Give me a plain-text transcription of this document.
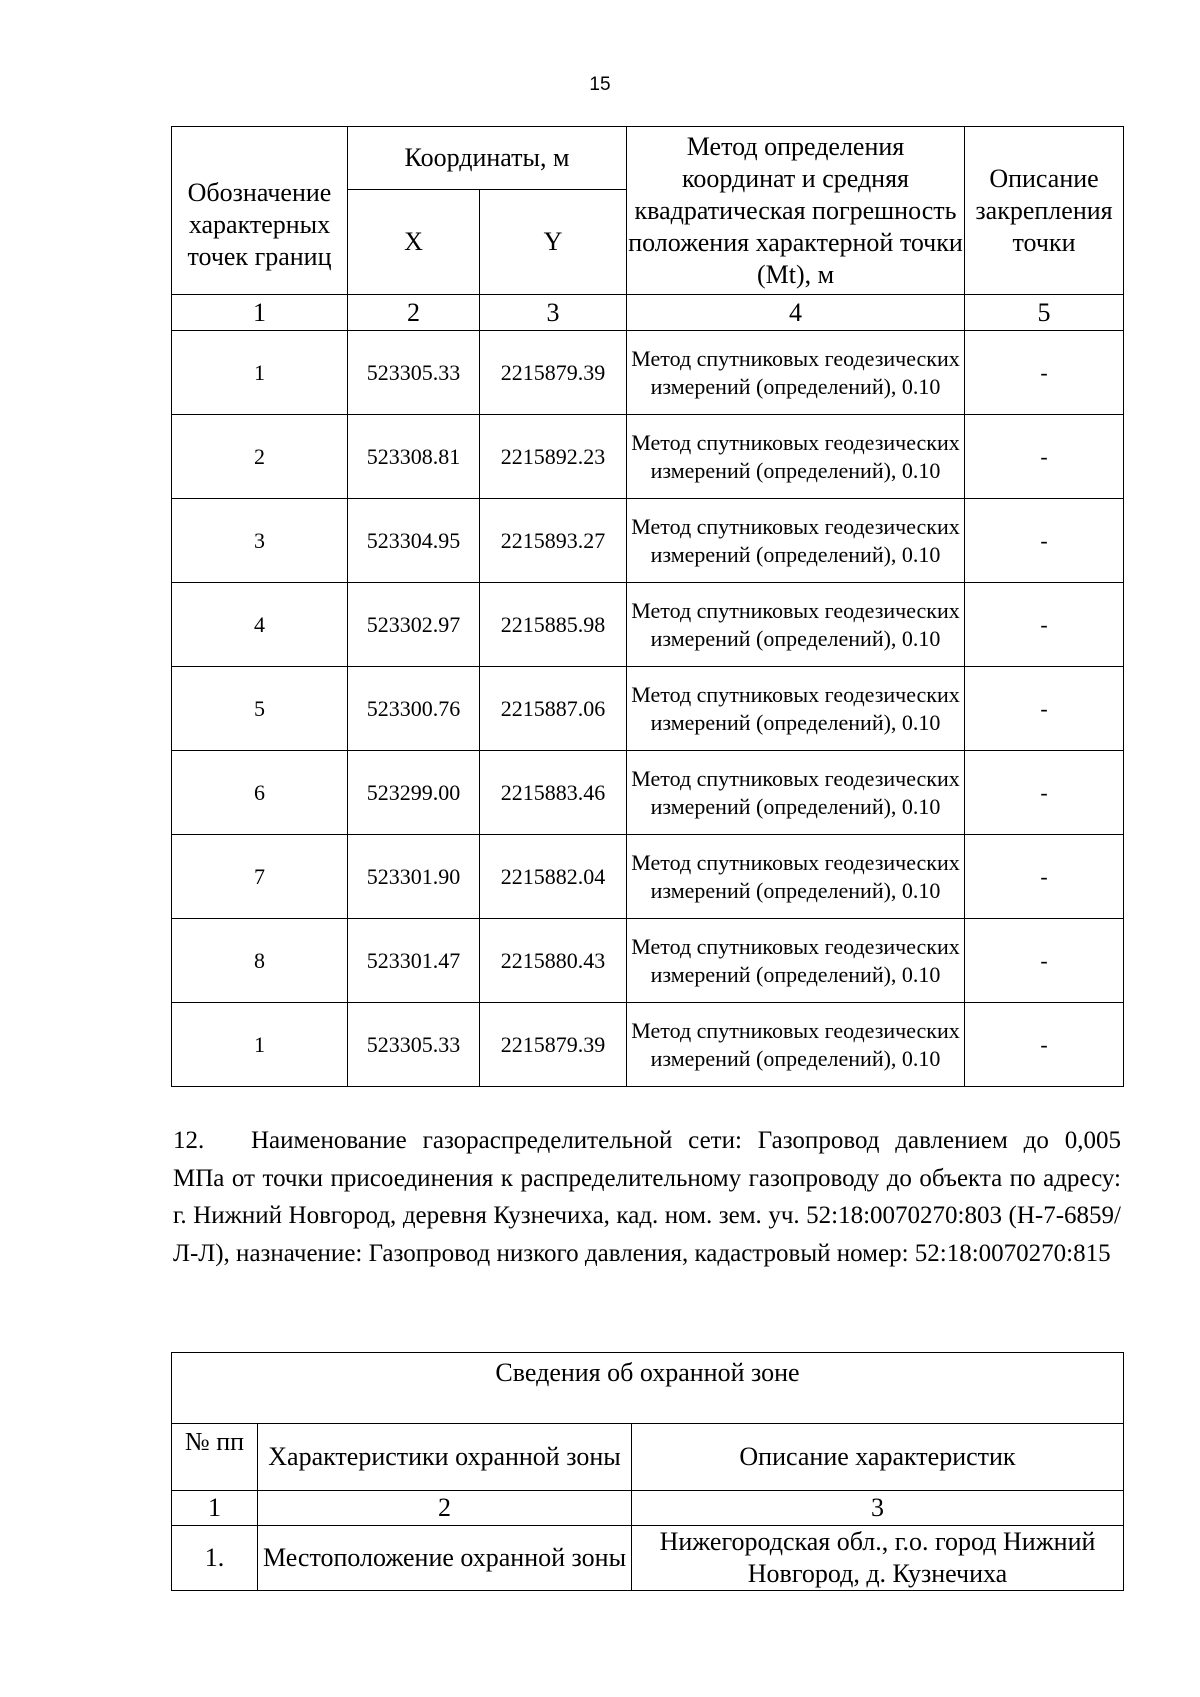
15
Обозначение характерных точек границ	Координаты, м		Метод определения координат и средняя квадратическая погрешность положения характерной точки (Mt), м	Описание закрепления точки
	X	Y		
1	2	3	4	5
1	523305.33	2215879.39	Метод спутниковых геодезических измерений (определений), 0.10	-
2	523308.81	2215892.23	Метод спутниковых геодезических измерений (определений), 0.10	-
3	523304.95	2215893.27	Метод спутниковых геодезических измерений (определений), 0.10	-
4	523302.97	2215885.98	Метод спутниковых геодезических измерений (определений), 0.10	-
5	523300.76	2215887.06	Метод спутниковых геодезических измерений (определений), 0.10	-
6	523299.00	2215883.46	Метод спутниковых геодезических измерений (определений), 0.10	-
7	523301.90	2215882.04	Метод спутниковых геодезических измерений (определений), 0.10	-
8	523301.47	2215880.43	Метод спутниковых геодезических измерений (определений), 0.10	-
1	523305.33	2215879.39	Метод спутниковых геодезических измерений (определений), 0.10	-
12. Наименование газораспределительной сети: Газопровод давлением до 0,005 МПа от точки присоединения к распределительному газопроводу до объекта по адресу: г. Нижний Новгород, деревня Кузнечиха, кад. ном. зем. уч. 52:18:0070270:803 (Н-7-6859/Л-Л), назначение: Газопровод низкого давления, кадастровый номер: 52:18:0070270:815
Сведения об охранной зоне		
№ пп	Характеристики охранной зоны	Описание характеристик
1	2	3
1.	Местоположение охранной зоны	Нижегородская обл., г.о. город Нижний Новгород, д. Кузнечиха
